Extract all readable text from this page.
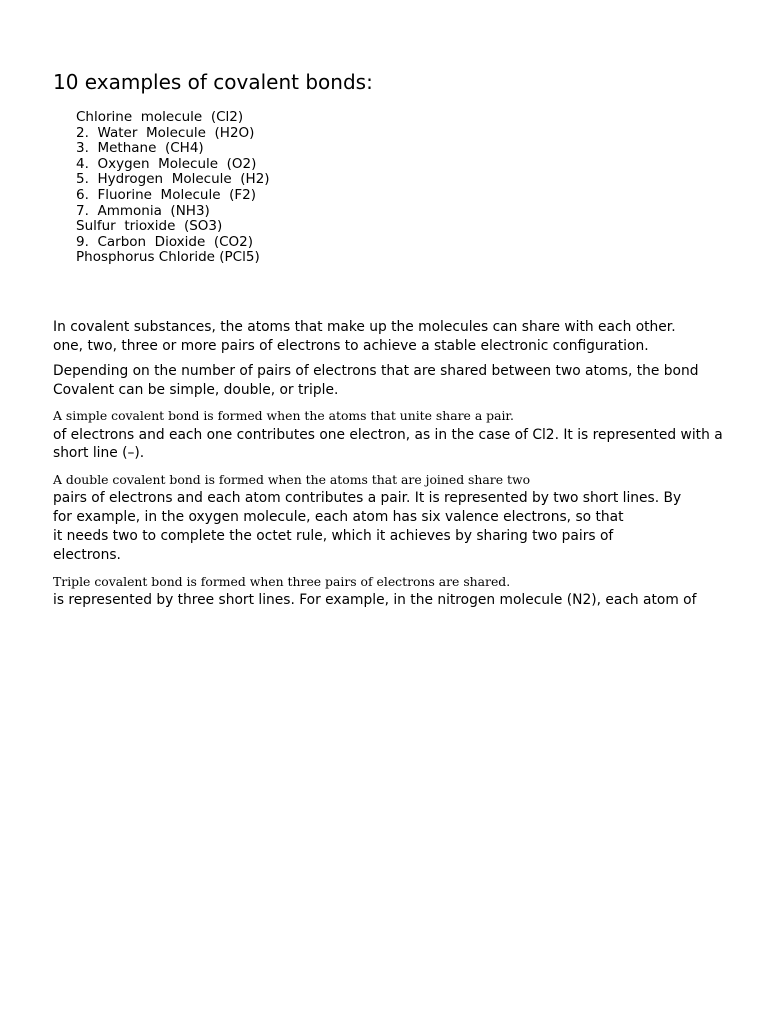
10 examples of covalent bonds:
Chlorine  molecule  (Cl2)
2.  Water  Molecule  (H2O)
3.  Methane  (CH4)
4.  Oxygen  Molecule  (O2)
5.  Hydrogen  Molecule  (H2)
6.  Fluorine  Molecule  (F2)
7.  Ammonia  (NH3)
Sulfur  trioxide  (SO3)
9.  Carbon  Dioxide  (CO2)
Phosphorus Chloride (PCl5)
In covalent substances, the atoms that make up the molecules can share with each other.
one, two, three or more pairs of electrons to achieve a stable electronic configuration.
Depending on the number of pairs of electrons that are shared between two atoms, the bond
Covalent can be simple, double, or triple.
A simple covalent bond is formed when the atoms that unite share a pair.
of electrons and each one contributes one electron, as in the case of Cl2. It is represented with a
short line (–).
A double covalent bond is formed when the atoms that are joined share two
pairs of electrons and each atom contributes a pair. It is represented by two short lines. By
for example, in the oxygen molecule, each atom has six valence electrons, so that
it needs two to complete the octet rule, which it achieves by sharing two pairs of
electrons.
Triple covalent bond is formed when three pairs of electrons are shared.
is represented by three short lines. For example, in the nitrogen molecule (N2), each atom of
